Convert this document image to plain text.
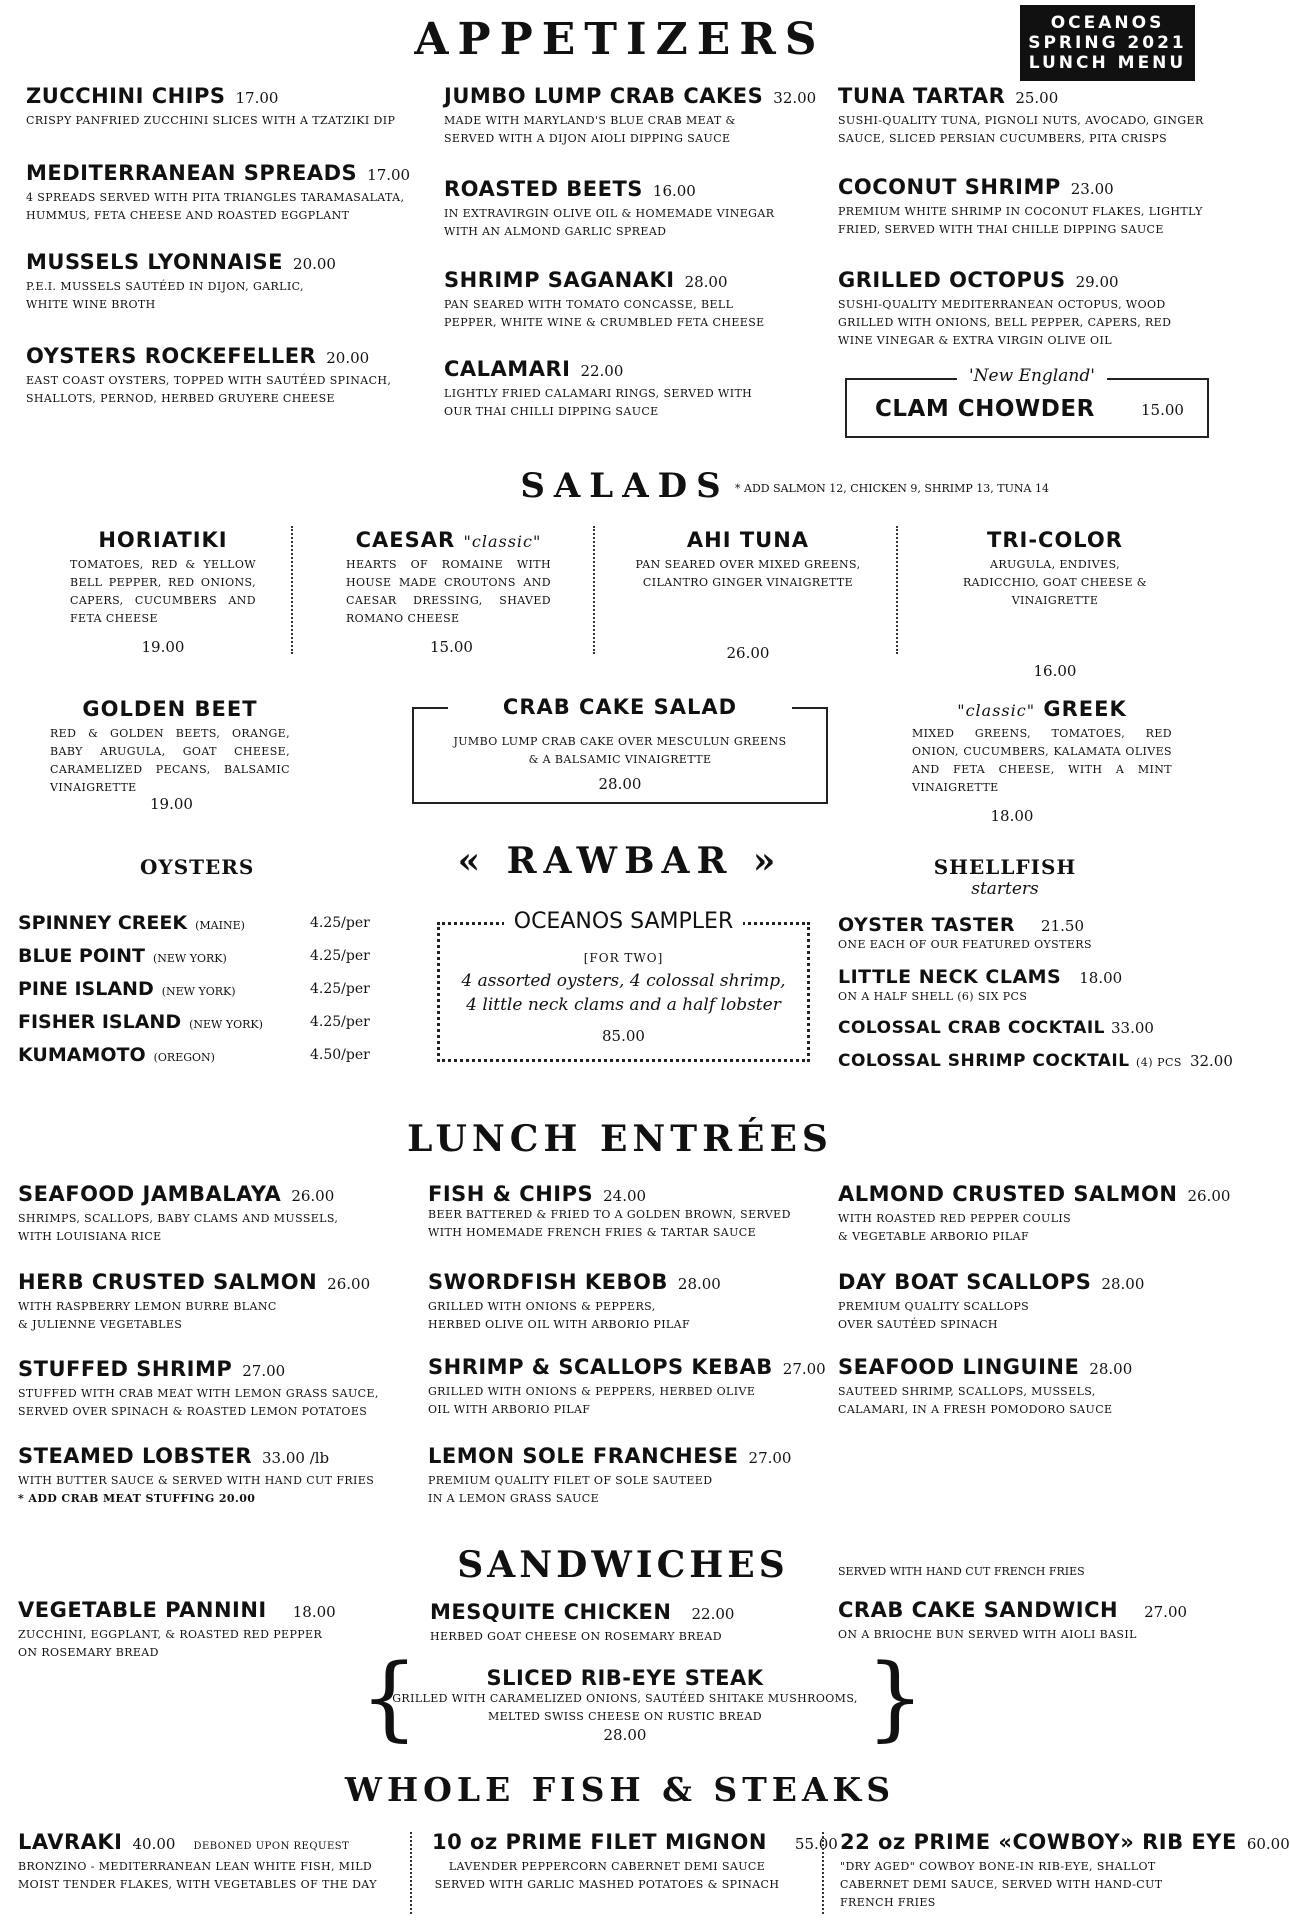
OCEANOS
SPRING 2021
LUNCH MENU
APPETIZERS
ZUCCHINI CHIPS 17.00
CRISPY PANFRIED ZUCCHINI SLICES WITH A TZATZIKI DIP
MEDITERRANEAN SPREADS 17.00
4 SPREADS SERVED WITH PITA TRIANGLES TARAMASALATA,
HUMMUS, FETA CHEESE AND ROASTED EGGPLANT
MUSSELS LYONNAISE 20.00
P.E.I. MUSSELS SAUTÉED IN DIJON, GARLIC,
WHITE WINE BROTH
OYSTERS ROCKEFELLER 20.00
EAST COAST OYSTERS, TOPPED WITH SAUTÉED SPINACH,
SHALLOTS, PERNOD, HERBED GRUYERE CHEESE
JUMBO LUMP CRAB CAKES 32.00
MADE WITH MARYLAND'S BLUE CRAB MEAT &
SERVED WITH A DIJON AIOLI DIPPING SAUCE
ROASTED BEETS 16.00
IN EXTRAVIRGIN OLIVE OIL & HOMEMADE VINEGAR
WITH AN ALMOND GARLIC SPREAD
SHRIMP SAGANAKI 28.00
PAN SEARED WITH TOMATO CONCASSE, BELL
PEPPER, WHITE WINE & CRUMBLED FETA CHEESE
CALAMARI 22.00
LIGHTLY FRIED CALAMARI RINGS, SERVED WITH
OUR THAI CHILLI DIPPING SAUCE
TUNA TARTAR 25.00
SUSHI-QUALITY TUNA, PIGNOLI NUTS, AVOCADO, GINGER
SAUCE, SLICED PERSIAN CUCUMBERS, PITA CRISPS
COCONUT SHRIMP 23.00
PREMIUM WHITE SHRIMP IN COCONUT FLAKES, LIGHTLY
FRIED, SERVED WITH THAI CHILLE DIPPING SAUCE
GRILLED OCTOPUS 29.00
SUSHI-QUALITY MEDITERRANEAN OCTOPUS, WOOD
GRILLED WITH ONIONS, BELL PEPPER, CAPERS, RED
WINE VINEGAR & EXTRA VIRGIN OLIVE OIL
'New England'
CLAM CHOWDER	15.00
SALADS * ADD SALMON 12, CHICKEN 9, SHRIMP 13, TUNA 14
HORIATIKI
TOMATOES, RED & YELLOW BELL PEPPER, RED ONIONS, CAPERS, CUCUMBERS AND FETA CHEESE
19.00
CAESAR "classic"
HEARTS OF ROMAINE WITH HOUSE MADE CROUTONS AND CAESAR DRESSING, SHAVED ROMANO CHEESE
15.00
AHI TUNA
PAN SEARED OVER MIXED GREENS, CILANTRO GINGER VINAIGRETTE
26.00
TRI-COLOR
ARUGULA, ENDIVES, RADICCHIO, GOAT CHEESE & VINAIGRETTE
16.00
GOLDEN BEET
RED & GOLDEN BEETS, ORANGE, BABY ARUGULA, GOAT CHEESE, CARAMELIZED PECANS, BALSAMIC VINAIGRETTE
19.00
CRAB CAKE SALAD
JUMBO LUMP CRAB CAKE OVER MESCULUN GREENS
& A BALSAMIC VINAIGRETTE
28.00
"classic" GREEK
MIXED GREENS, TOMATOES, RED ONION, CUCUMBERS, KALAMATA OLIVES AND FETA CHEESE, WITH A MINT VINAIGRETTE
18.00
OYSTERS	« RAWBAR »	SHELLFISH
starters
SPINNEY CREEK (MAINE)	4.25/per
BLUE POINT (NEW YORK)	4.25/per
PINE ISLAND (NEW YORK)	4.25/per
FISHER ISLAND (NEW YORK)	4.25/per
KUMAMOTO (OREGON)	4.50/per
OCEANOS SAMPLER
[FOR TWO]
4 assorted oysters, 4 colossal shrimp,
4 little neck clams and a half lobster
85.00
OYSTER TASTER 21.50
ONE EACH OF OUR FEATURED OYSTERS
LITTLE NECK CLAMS 18.00
ON A HALF SHELL (6) SIX PCS
COLOSSAL CRAB COCKTAIL 33.00
COLOSSAL SHRIMP COCKTAIL (4) PCS 32.00
LUNCH ENTRÉES
SEAFOOD JAMBALAYA 26.00
SHRIMPS, SCALLOPS, BABY CLAMS AND MUSSELS,
WITH LOUISIANA RICE
HERB CRUSTED SALMON 26.00
WITH RASPBERRY LEMON BURRE BLANC
& JULIENNE VEGETABLES
STUFFED SHRIMP 27.00
STUFFED WITH CRAB MEAT WITH LEMON GRASS SAUCE,
SERVED OVER SPINACH & ROASTED LEMON POTATOES
STEAMED LOBSTER 33.00 /lb
WITH BUTTER SAUCE & SERVED WITH HAND CUT FRIES
* ADD CRAB MEAT STUFFING 20.00
FISH & CHIPS 24.00
BEER BATTERED & FRIED TO A GOLDEN BROWN, SERVED
WITH HOMEMADE FRENCH FRIES & TARTAR SAUCE
SWORDFISH KEBOB 28.00
GRILLED WITH ONIONS & PEPPERS,
HERBED OLIVE OIL WITH ARBORIO PILAF
SHRIMP & SCALLOPS KEBAB 27.00
GRILLED WITH ONIONS & PEPPERS, HERBED OLIVE
OIL WITH ARBORIO PILAF
LEMON SOLE FRANCHESE 27.00
PREMIUM QUALITY FILET OF SOLE SAUTEED
IN A LEMON GRASS SAUCE
ALMOND CRUSTED SALMON 26.00
WITH ROASTED RED PEPPER COULIS
& VEGETABLE ARBORIO PILAF
DAY BOAT SCALLOPS 28.00
PREMIUM QUALITY SCALLOPS
OVER SAUTÉED SPINACH
SEAFOOD LINGUINE 28.00
SAUTEED SHRIMP, SCALLOPS, MUSSELS,
CALAMARI, IN A FRESH POMODORO SAUCE
SANDWICHES	SERVED WITH HAND CUT FRENCH FRIES
VEGETABLE PANNINI 18.00
ZUCCHINI, EGGPLANT, & ROASTED RED PEPPER
ON ROSEMARY BREAD
MESQUITE CHICKEN 22.00
HERBED GOAT CHEESE ON ROSEMARY BREAD
CRAB CAKE SANDWICH 27.00
ON A BRIOCHE BUN SERVED WITH AIOLI BASIL
{	}
SLICED RIB-EYE STEAK
GRILLED WITH CARAMELIZED ONIONS, SAUTÉED SHITAKE MUSHROOMS,
MELTED SWISS CHEESE ON RUSTIC BREAD
28.00
WHOLE FISH & STEAKS
LAVRAKI 40.00 DEBONED UPON REQUEST
BRONZINO - MEDITERRANEAN LEAN WHITE FISH, MILD
MOIST TENDER FLAKES, WITH VEGETABLES OF THE DAY
10 oz PRIME FILET MIGNON 55.00
LAVENDER PEPPERCORN CABERNET DEMI SAUCE
SERVED WITH GARLIC MASHED POTATOES & SPINACH
22 oz PRIME «COWBOY» RIB EYE 60.00
"DRY AGED" COWBOY BONE-IN RIB-EYE, SHALLOT
CABERNET DEMI SAUCE, SERVED WITH HAND-CUT
FRENCH FRIES
